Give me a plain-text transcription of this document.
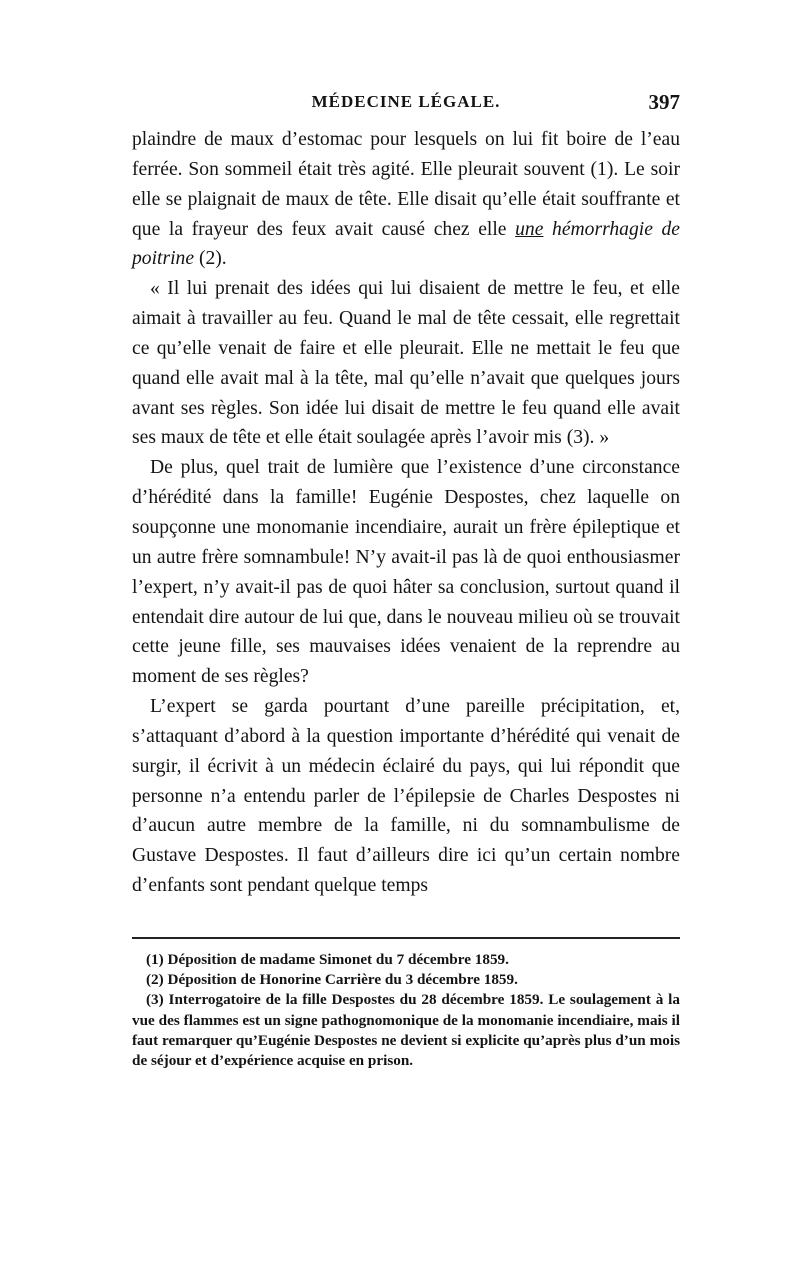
MÉDECINE LÉGALE.	397

plaindre de maux d’estomac pour lesquels on lui fit boire de l’eau ferrée. Son sommeil était très agité. Elle pleurait souvent (1). Le soir elle se plaignait de maux de tête. Elle disait qu’elle était souffrante et que la frayeur des feux avait causé chez elle une hémorrhagie de poitrine (2).

« Il lui prenait des idées qui lui disaient de mettre le feu, et elle aimait à travailler au feu. Quand le mal de tête cessait, elle regrettait ce qu’elle venait de faire et elle pleurait. Elle ne mettait le feu que quand elle avait mal à la tête, mal qu’elle n’avait que quelques jours avant ses règles. Son idée lui disait de mettre le feu quand elle avait ses maux de tête et elle était soulagée après l’avoir mis (3). »

De plus, quel trait de lumière que l’existence d’une circonstance d’hérédité dans la famille! Eugénie Despostes, chez laquelle on soupçonne une monomanie incendiaire, aurait un frère épileptique et un autre frère somnambule! N’y avait-il pas là de quoi enthousiasmer l’expert, n’y avait-il pas de quoi hâter sa conclusion, surtout quand il entendait dire autour de lui que, dans le nouveau milieu où se trouvait cette jeune fille, ses mauvaises idées venaient de la reprendre au moment de ses règles?

L’expert se garda pourtant d’une pareille précipitation, et, s’attaquant d’abord à la question importante d’hérédité qui venait de surgir, il écrivit à un médecin éclairé du pays, qui lui répondit que personne n’a entendu parler de l’épilepsie de Charles Despostes ni d’aucun autre membre de la famille, ni du somnambulisme de Gustave Despostes. Il faut d’ailleurs dire ici qu’un certain nombre d’enfants sont pendant quelque temps

(1) Déposition de madame Simonet du 7 décembre 1859.

(2) Déposition de Honorine Carrière du 3 décembre 1859.

(3) Interrogatoire de la fille Despostes du 28 décembre 1859. Le soulagement à la vue des flammes est un signe pathognomonique de la monomanie incendiaire, mais il faut remarquer qu’Eugénie Despostes ne devient si explicite qu’après plus d’un mois de séjour et d’expérience acquise en prison.
